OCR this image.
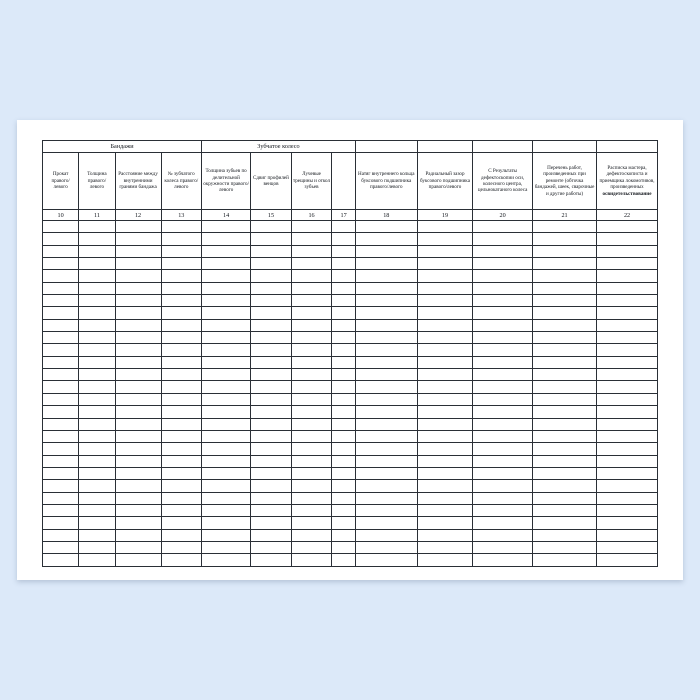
Бандажи				Зубчатое колесо								

Прокат правого/ левого	Толщина правого/ левого	Расстояние между внутренними гранями бандажа	№ зубчатого колеса правого/ левого	Толщина зубьев по делительной окружности правого/левого	Сдвиг профилей венцов	Лучевые трещины и откол зубьев		Натяг внутреннего кольца буксового подшипника правого/левого	Радиальный зазор буксового подшипника правого/левого	С Результаты дефектоскопии оси, колесного центра, цельнокатаного колеса	Перечень работ, произведенных при ремонте (обточка бандажей, шеек, сварочные и другие работы)	Расписка мастера, дефектоскописта и приемщика локомотивов, произведенных освидетельствование

10	11	12	13	14	15	16	17	18	19	20	21	22
